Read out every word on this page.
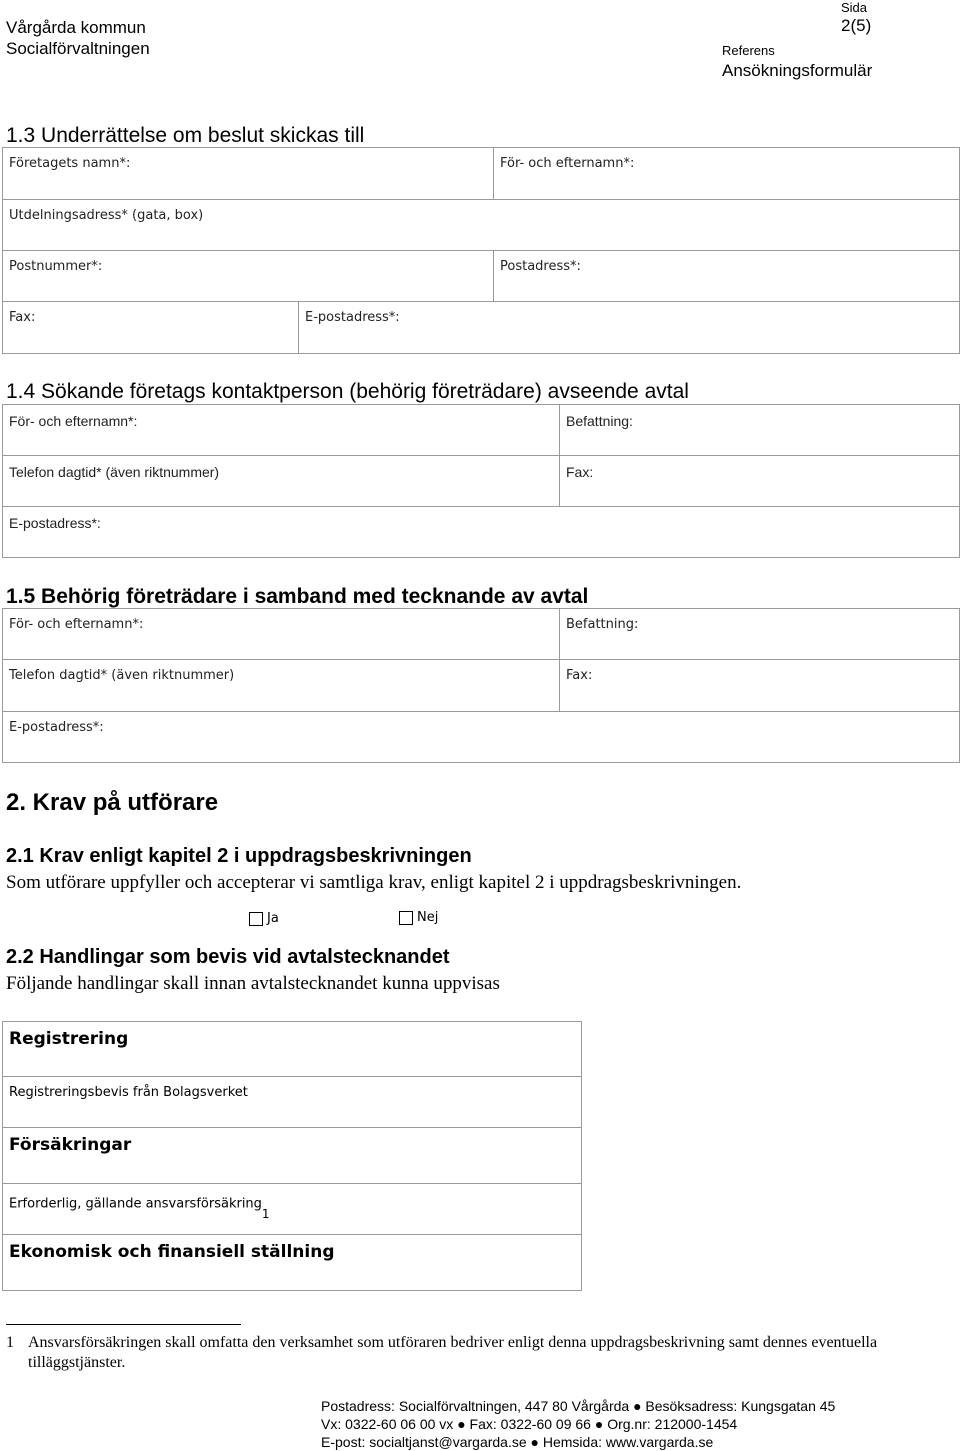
Vårgårda kommun
Socialförvaltningen
Sida
2(5)
Referens
Ansökningsformulär
1.3 Underrättelse om beslut skickas till
Företagets namn*:	För- och efternamn*:
Utdelningsadress* (gata, box)
Postnummer*:	Postadress*:
Fax:	E-postadress*:
1.4 Sökande företags kontaktperson (behörig företrädare) avseende avtal
För- och efternamn*:	Befattning:
Telefon dagtid* (även riktnummer)	Fax:
E-postadress*:
1.5 Behörig företrädare i samband med tecknande av avtal
För- och efternamn*:	Befattning:
Telefon dagtid* (även riktnummer)	Fax:
E-postadress*:
2. Krav på utförare
2.1 Krav enligt kapitel 2 i uppdragsbeskrivningen
Som utförare uppfyller och accepterar vi samtliga krav, enligt kapitel 2 i uppdragsbeskrivningen.
Ja	Nej
2.2 Handlingar som bevis vid avtalstecknandet
Följande handlingar skall innan avtalstecknandet kunna uppvisas
Registrering
Registreringsbevis från Bolagsverket
Försäkringar
Erforderlig, gällande ansvarsförsäkring$^1$
Ekonomisk och finansiell ställning
1 Ansvarsförsäkringen skall omfatta den verksamhet som utföraren bedriver enligt denna uppdragsbeskrivning samt dennes eventuella tilläggstjänster.
Postadress: Socialförvaltningen, 447 80 Vårgårda ● Besöksadress: Kungsgatan 45
Vx: 0322-60 06 00 vx ● Fax: 0322-60 09 66 ● Org.nr: 212000-1454
E-post: socialtjanst@vargarda.se ● Hemsida: www.vargarda.se
